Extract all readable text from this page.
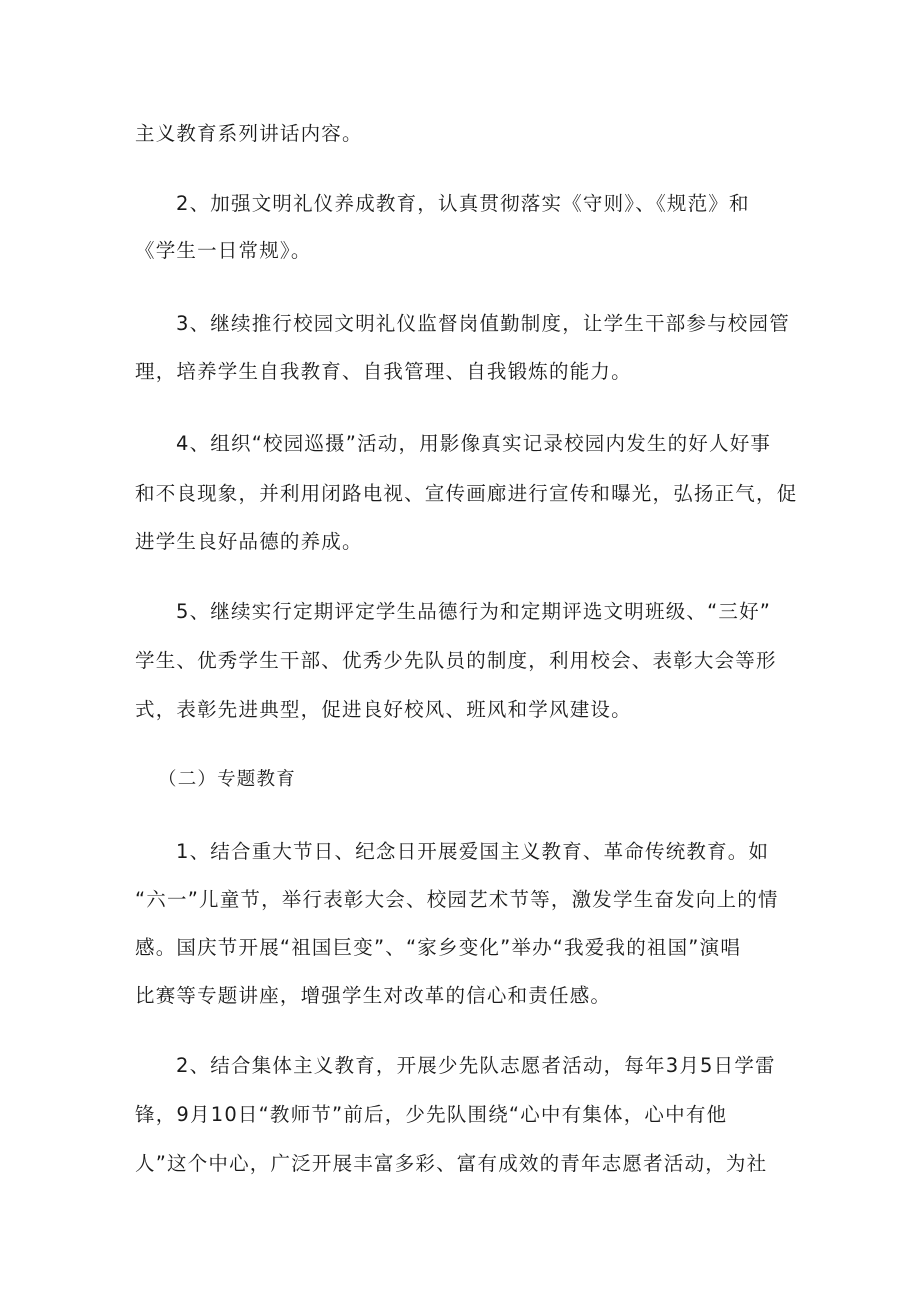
主义教育系列讲话内容。
2、加强文明礼仪养成教育，认真贯彻落实《守则》、《规范》和
《学生一日常规》。
3、继续推行校园文明礼仪监督岗值勤制度，让学生干部参与校园管
理，培养学生自我教育、自我管理、自我锻炼的能力。
4、组织“校园巡摄”活动，用影像真实记录校园内发生的好人好事
和不良现象，并利用闭路电视、宣传画廊进行宣传和曝光，弘扬正气，促
进学生良好品德的养成。
5、继续实行定期评定学生品德行为和定期评选文明班级、“三好”
学生、优秀学生干部、优秀少先队员的制度，利用校会、表彰大会等形
式，表彰先进典型，促进良好校风、班风和学风建设。
（二）专题教育
1、结合重大节日、纪念日开展爱国主义教育、革命传统教育。如
“六一”儿童节，举行表彰大会、校园艺术节等，激发学生奋发向上的情
感。国庆节开展“祖国巨变”、“家乡变化”举办“我爱我的祖国”演唱
比赛等专题讲座，增强学生对改革的信心和责任感。
2、结合集体主义教育，开展少先队志愿者活动，每年3月5日学雷
锋，9月10日“教师节”前后，少先队围绕“心中有集体，心中有他
人”这个中心，广泛开展丰富多彩、富有成效的青年志愿者活动，为社
